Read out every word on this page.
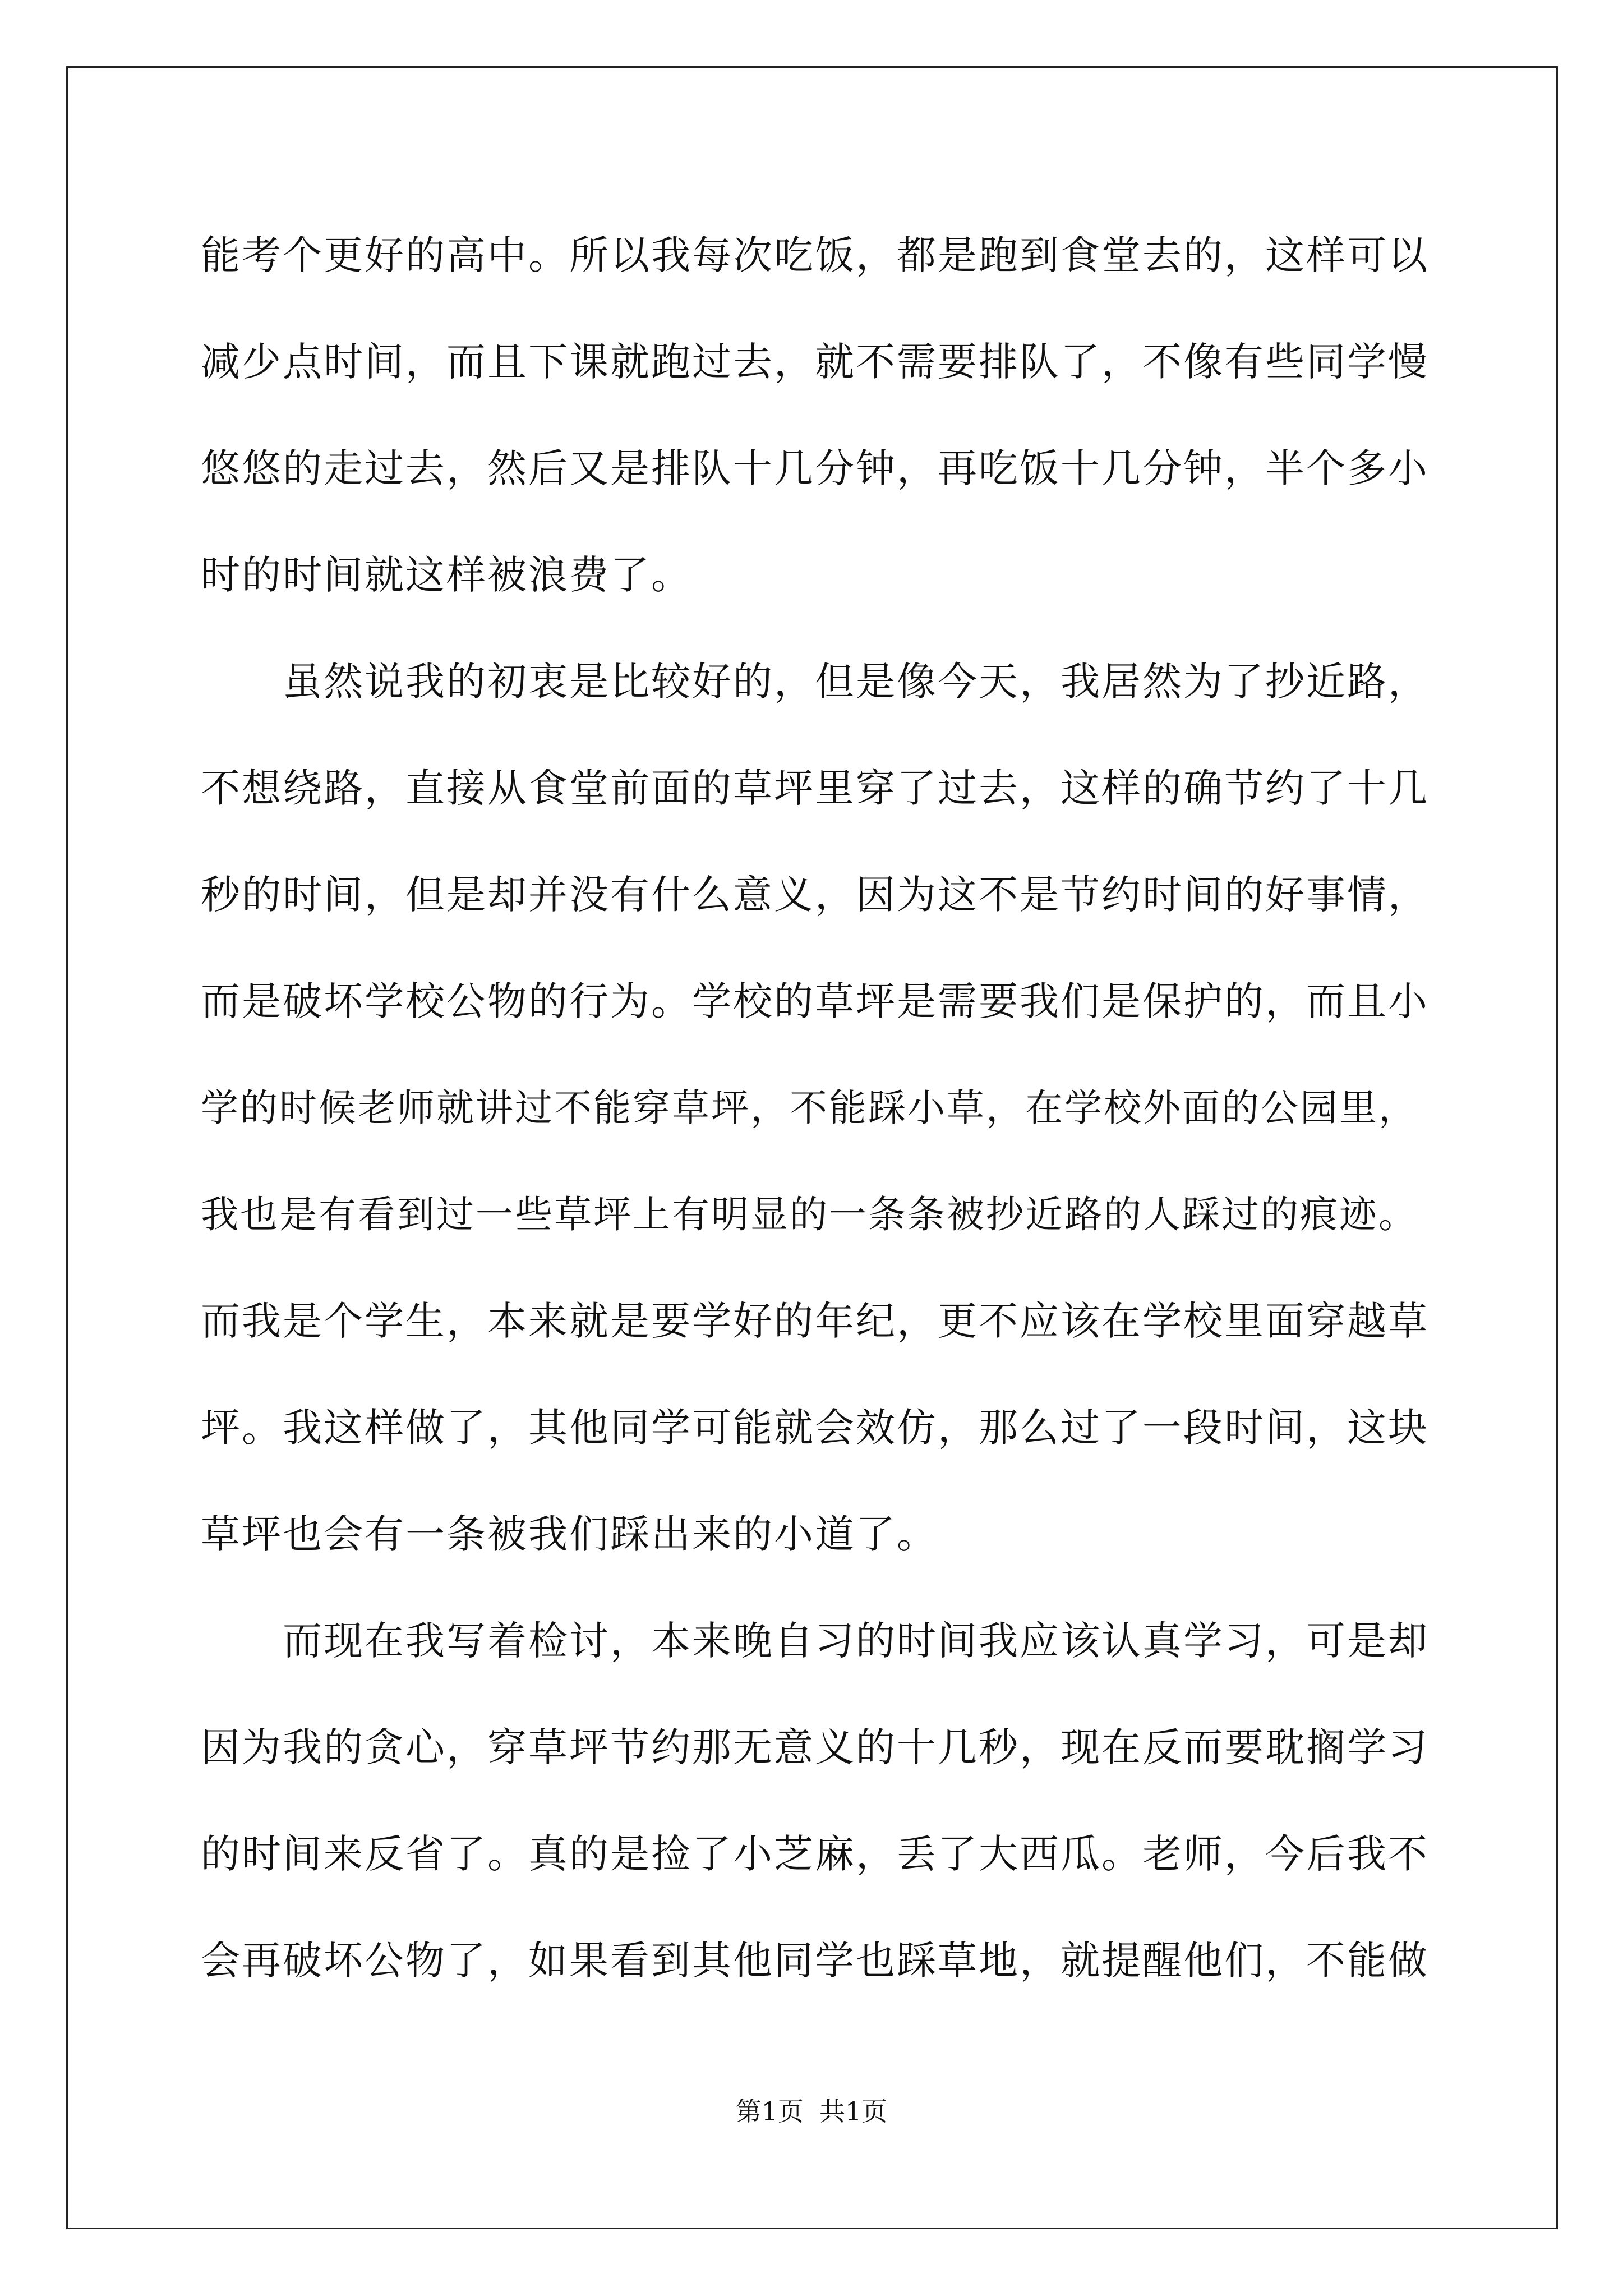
能考个更好的高中。所以我每次吃饭，都是跑到食堂去的，这样可以
减少点时间，而且下课就跑过去，就不需要排队了，不像有些同学慢
悠悠的走过去，然后又是排队十几分钟，再吃饭十几分钟，半个多小
时的时间就这样被浪费了。
　　虽然说我的初衷是比较好的，但是像今天，我居然为了抄近路，
不想绕路，直接从食堂前面的草坪里穿了过去，这样的确节约了十几
秒的时间，但是却并没有什么意义，因为这不是节约时间的好事情，
而是破坏学校公物的行为。学校的草坪是需要我们是保护的，而且小
学的时候老师就讲过不能穿草坪，不能踩小草，在学校外面的公园里，
我也是有看到过一些草坪上有明显的一条条被抄近路的人踩过的痕迹。
而我是个学生，本来就是要学好的年纪，更不应该在学校里面穿越草
坪。我这样做了，其他同学可能就会效仿，那么过了一段时间，这块
草坪也会有一条被我们踩出来的小道了。
　　而现在我写着检讨，本来晚自习的时间我应该认真学习，可是却
因为我的贪心，穿草坪节约那无意义的十几秒，现在反而要耽搁学习
的时间来反省了。真的是捡了小芝麻，丢了大西瓜。老师，今后我不
会再破坏公物了，如果看到其他同学也踩草地，就提醒他们，不能做
第1页 共1页
